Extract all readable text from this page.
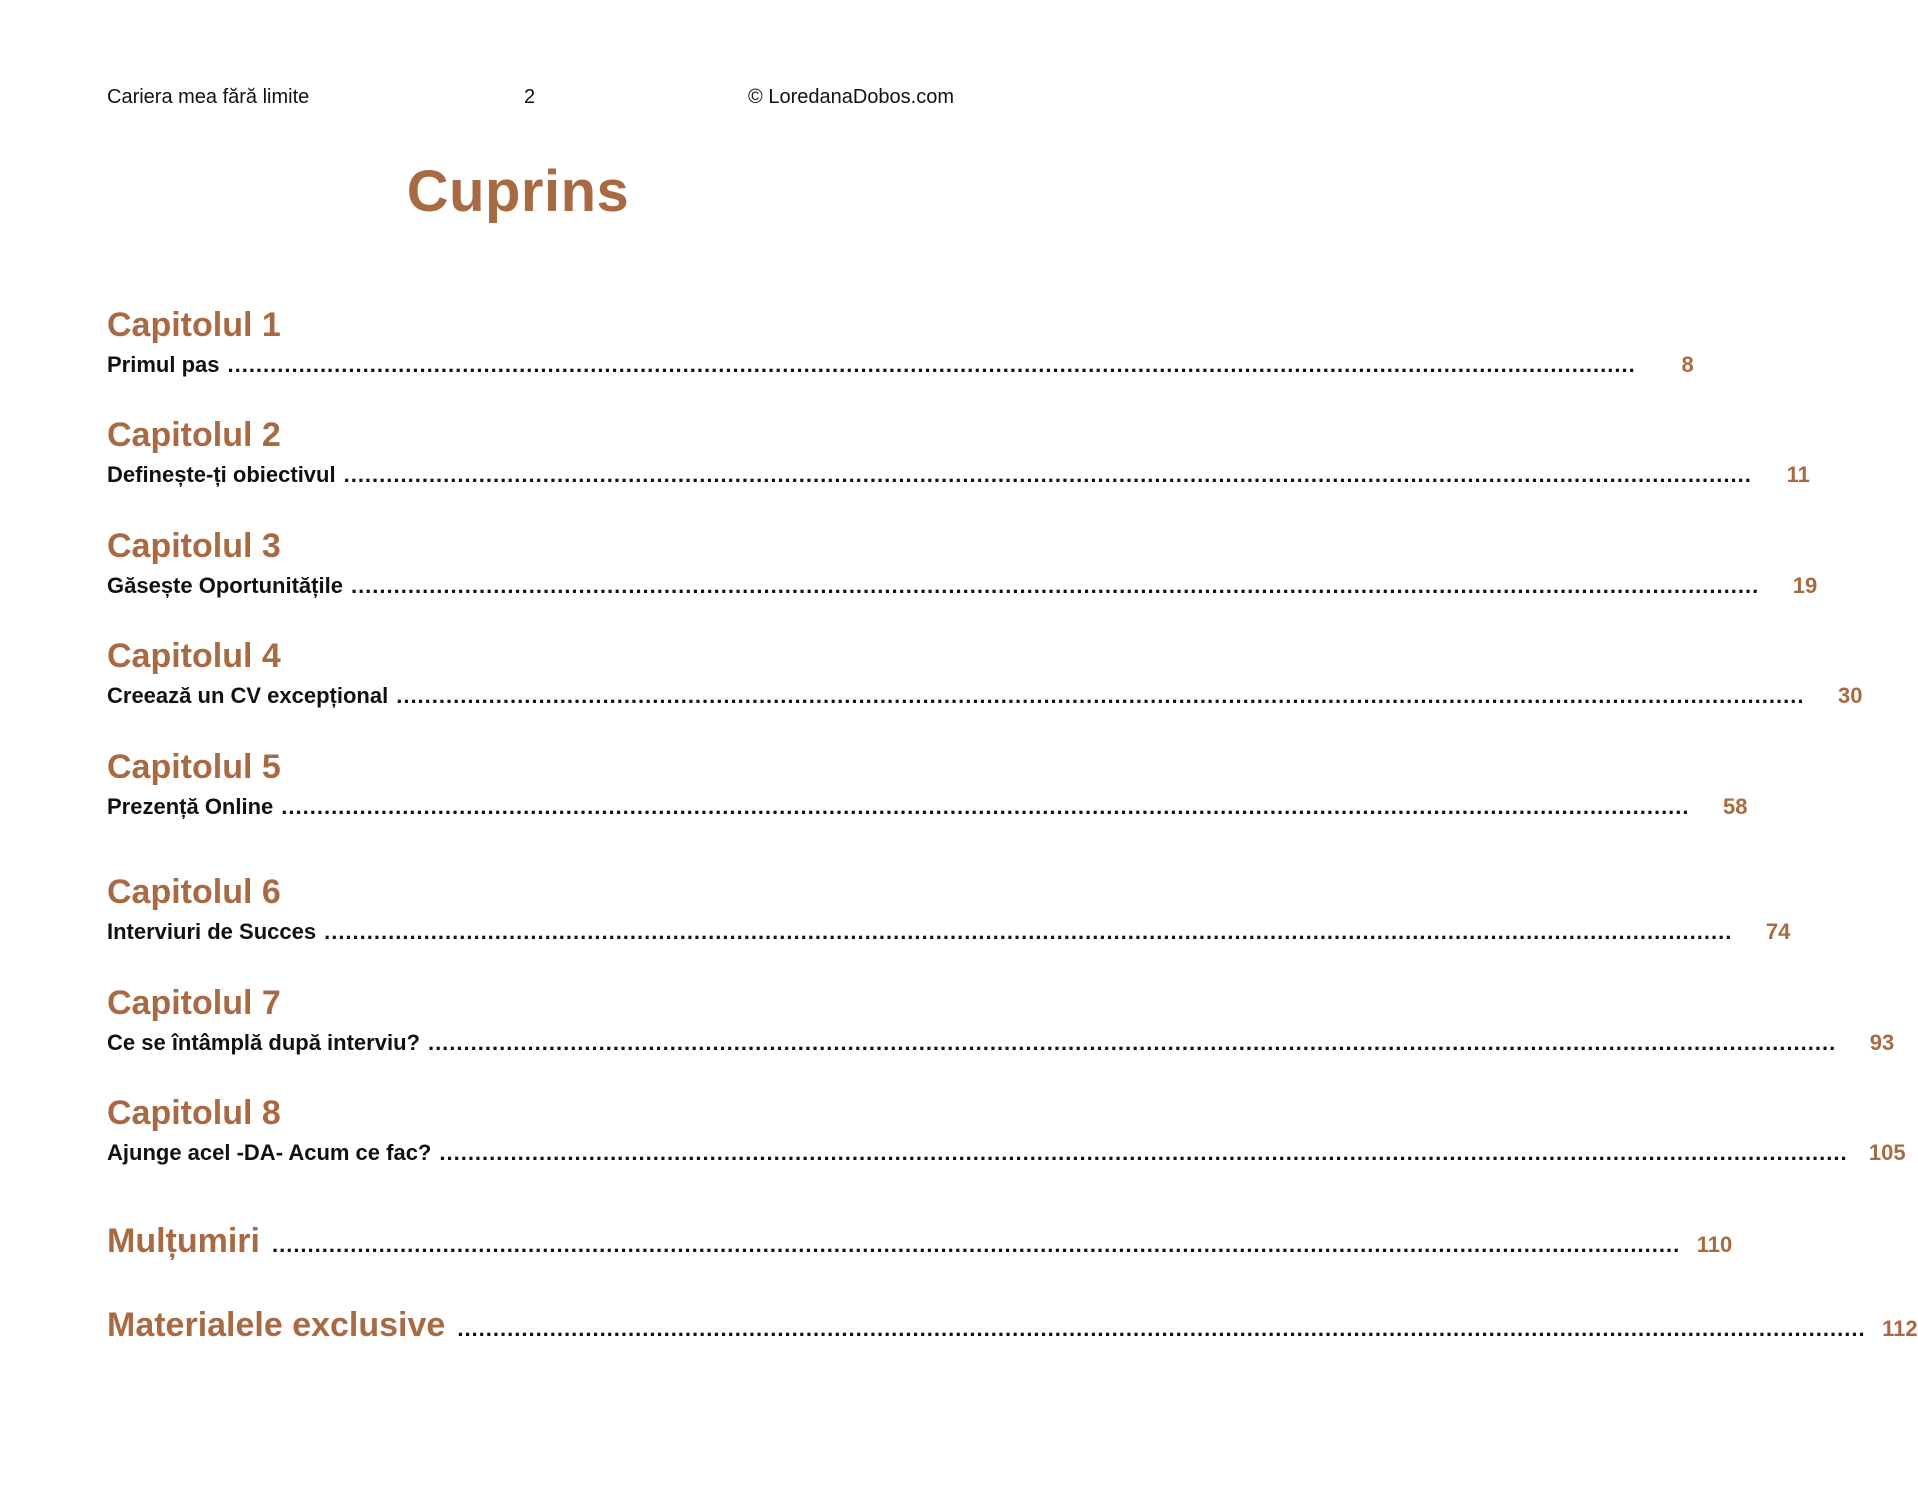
Cariera mea fără limite	2	© LoredanaDobos.com
Cuprins
Capitolul 1
Primul pas ......................................................................................................................................................................................................	8
Capitolul 2
Definește-ți obiectivul ......................................................................................................................................................................................................	11
Capitolul 3
Găsește Oportunitățile ......................................................................................................................................................................................................	19
Capitolul 4
Creează un CV excepțional ......................................................................................................................................................................................................	30
Capitolul 5
Prezență Online ......................................................................................................................................................................................................	58
Capitolul 6
Interviuri de Succes ......................................................................................................................................................................................................	74
Capitolul 7
Ce se întâmplă după interviu? ......................................................................................................................................................................................................	93
Capitolul 8
Ajunge acel -DA- Acum ce fac? ...................................................................................................................................................................................................... 105
Mulțumiri ...................................................................................................................................................................................................... 110
Materialele exclusive ...................................................................................................................................................................................................... 112
